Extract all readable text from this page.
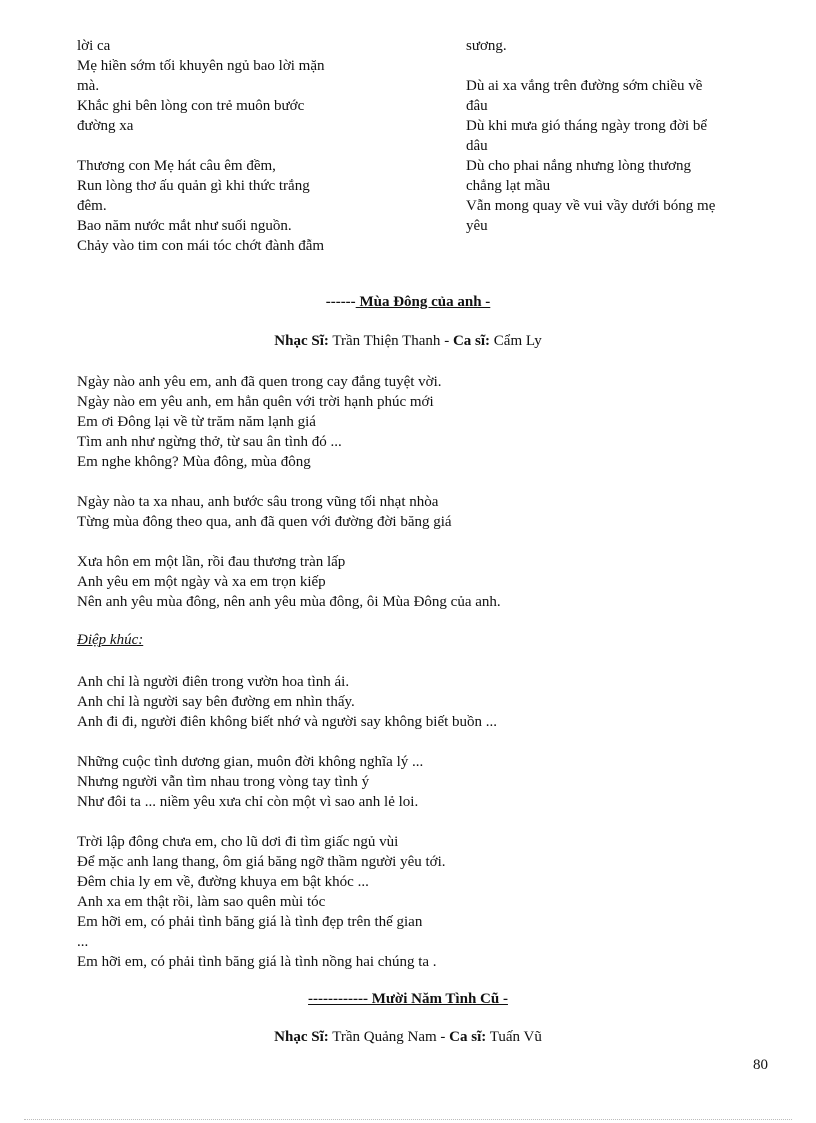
lời ca
Mẹ hiền sớm tối khuyên ngủ bao lời mặn
mà.
Khắc ghi bên lòng con trẻ muôn bước
đường xa
Thương con Mẹ hát câu êm đềm,
Run lòng thơ ấu quản gì khi thức trắng
đêm.
Bao năm nước mắt như suối nguồn.
Chảy vào tim con mái tóc chớt đành đẫm
sương.
Dù ai xa vắng trên đường sớm chiều về
đâu
Dù khi mưa gió tháng ngày trong đời bể
dâu
Dù cho phai nắng nhưng lòng thương
chẳng lạt mầu
Vẫn mong quay về vui vầy dưới bóng mẹ
yêu
------ Mùa Đông của anh -
Nhạc Sĩ: Trần Thiện Thanh - Ca sĩ: Cẩm Ly
Ngày nào anh yêu em, anh đã quen trong cay đắng tuyệt vời.
Ngày nào em yêu anh, em hẳn quên với trời hạnh phúc mới
Em ơi Đông lại về từ trăm năm lạnh giá
Tìm anh như ngừng thở, từ sau ân tình đó ...
Em nghe không? Mùa đông, mùa đông
Ngày nào ta xa nhau, anh bước sâu trong vũng tối nhạt nhòa
Từng mùa đông theo qua, anh đã quen với đường đời băng giá
Xưa hôn em một lần, rồi đau thương tràn lấp
Anh yêu em một ngày và xa em trọn kiếp
Nên anh yêu mùa đông, nên anh yêu mùa đông, ôi Mùa Đông của anh.
Điệp khúc:
Anh chỉ là người điên trong vườn hoa tình ái.
Anh chỉ là người say bên đường em nhìn thấy.
Anh đi đi, người điên không biết nhớ và người say không biết buồn ...
Những cuộc tình dương gian, muôn đời không nghĩa lý ...
Nhưng người vẫn tìm nhau trong vòng tay tình ý
Như đôi ta ... niềm yêu xưa chỉ còn một vì sao anh lẻ loi.
Trời lập đông chưa em, cho lũ dơi đi tìm giấc ngủ vùi
Để mặc anh lang thang, ôm giá băng ngỡ thầm người yêu tới.
Đêm chia ly em về, đường khuya em bật khóc ...
Anh xa em thật rồi, làm sao quên mùi tóc
Em hỡi em, có phải tình băng giá là tình đẹp trên thế gian
...
Em hỡi em, có phải tình băng giá là tình nồng hai chúng ta .
------------ Mười Năm Tình Cũ -
Nhạc Sĩ: Trần Quảng Nam - Ca sĩ: Tuấn Vũ
80
